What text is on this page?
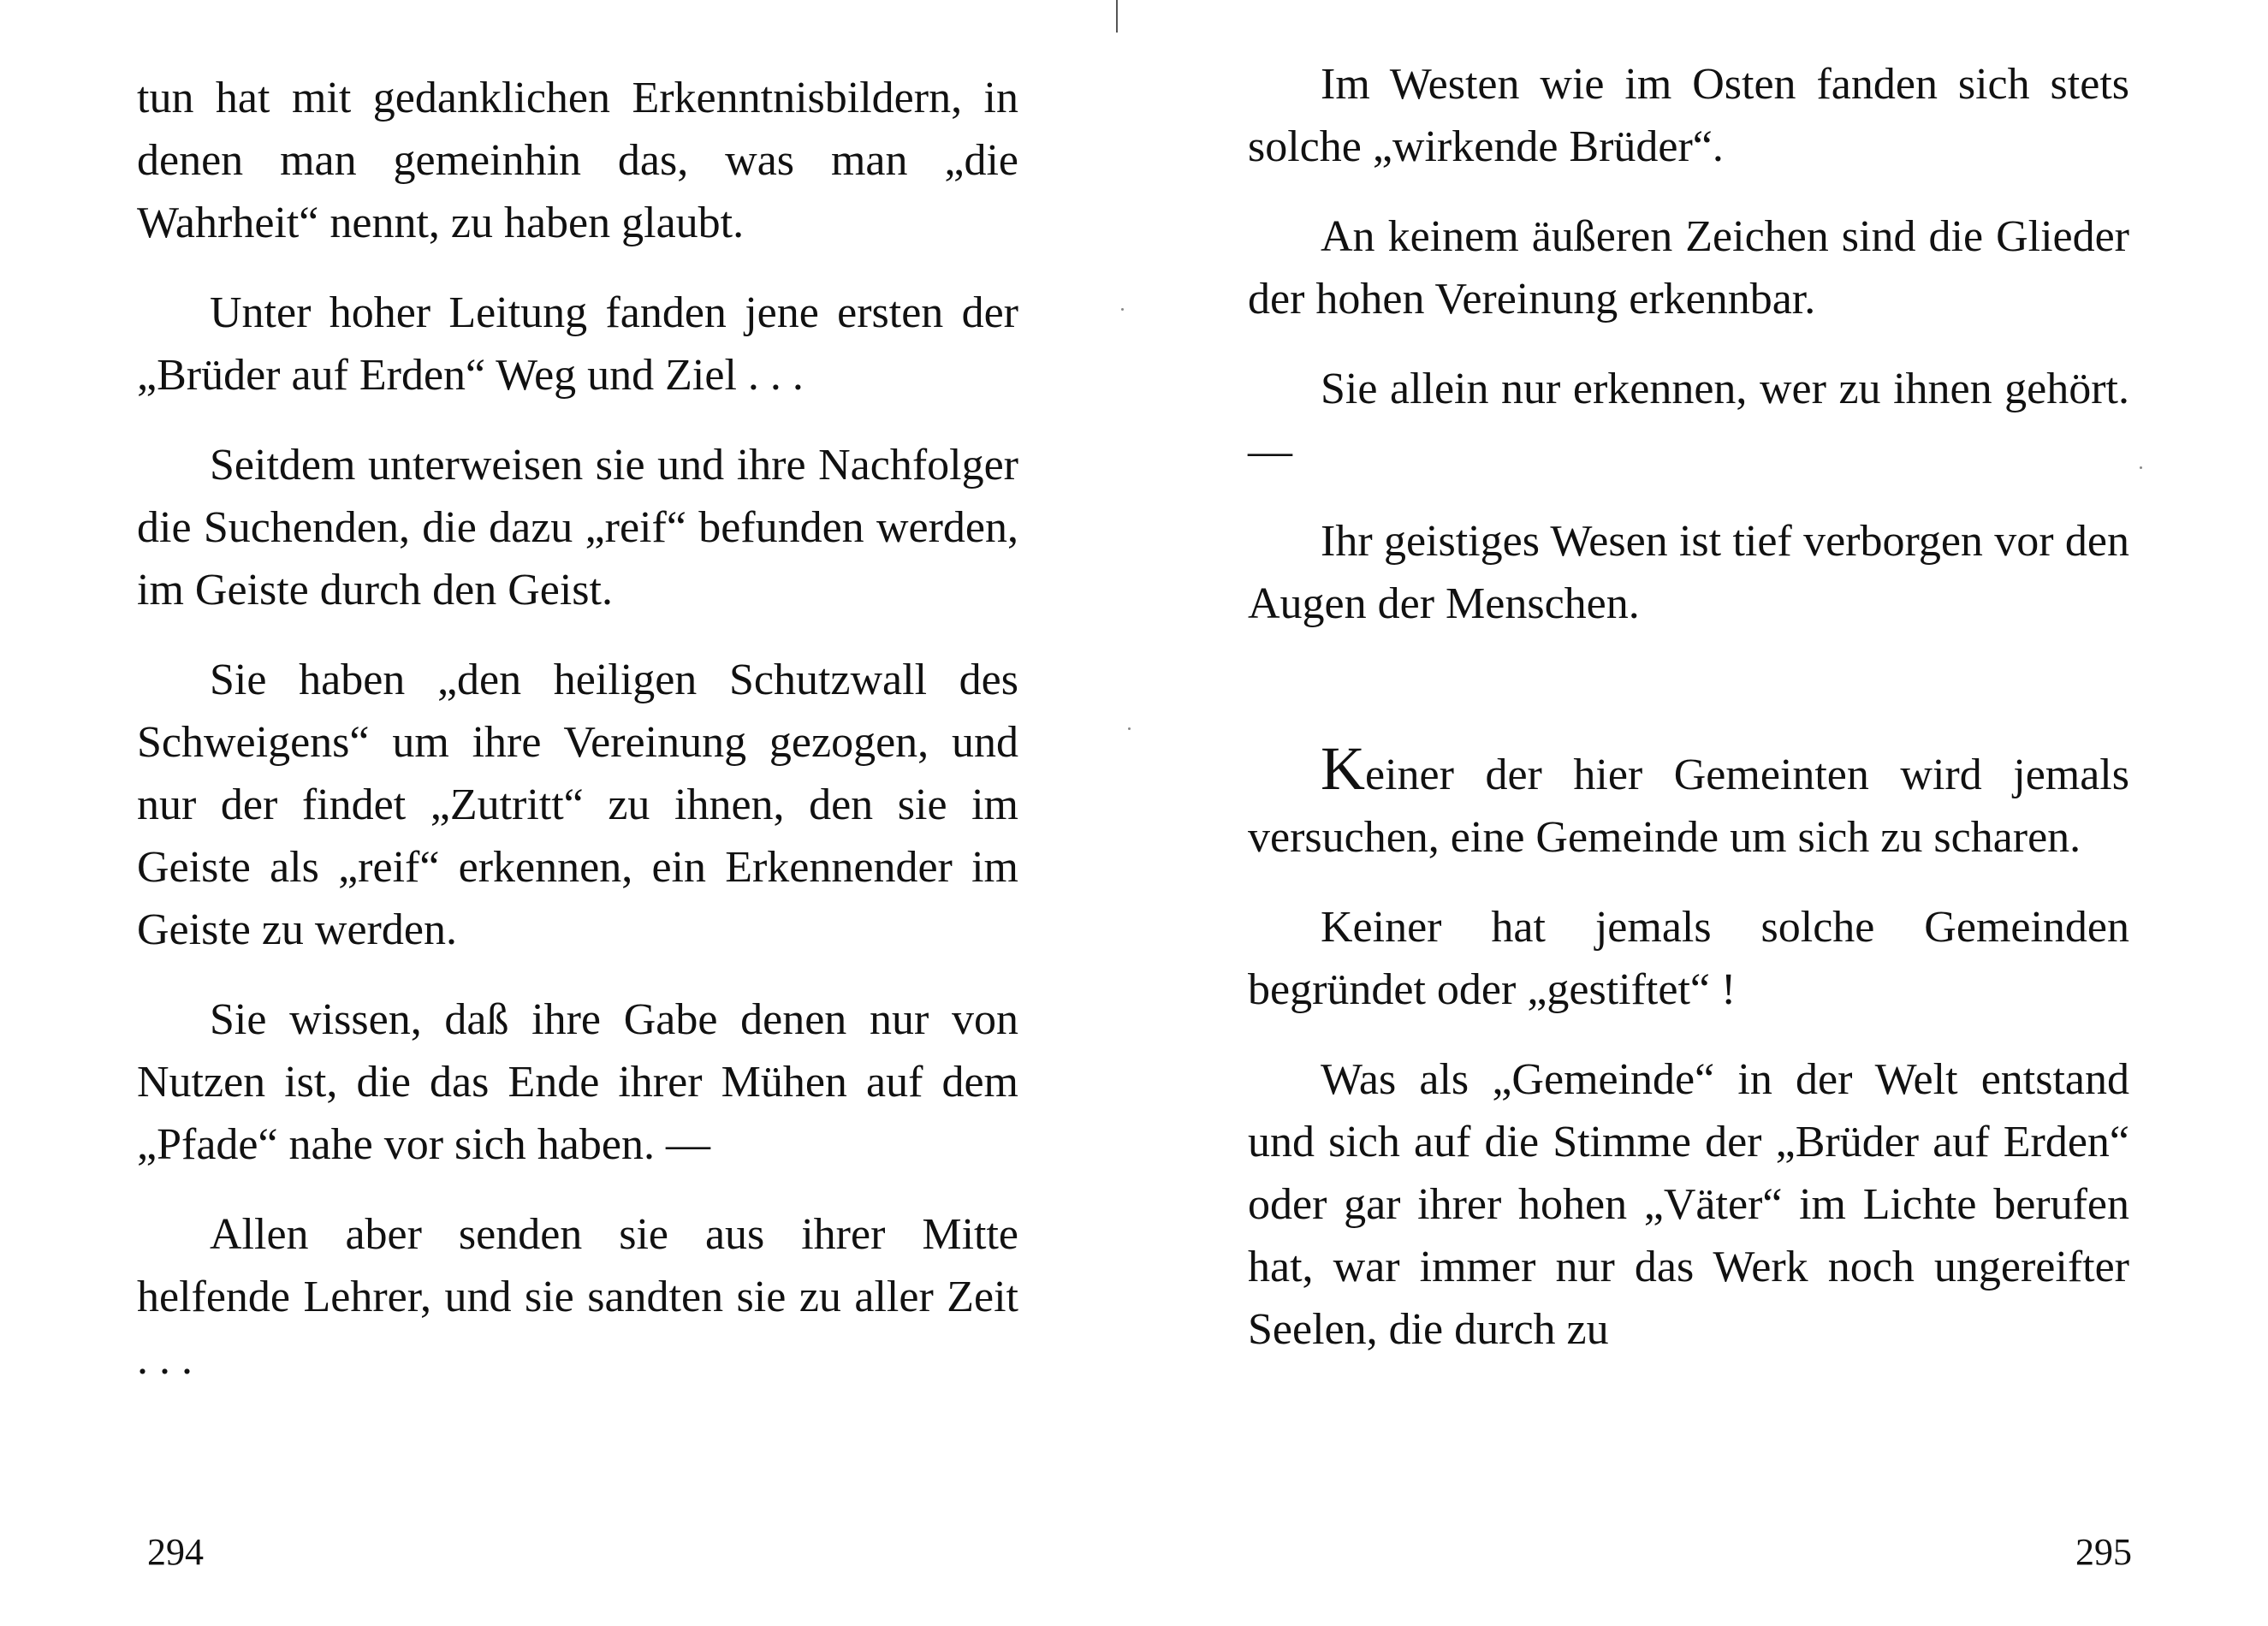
tun hat mit gedanklichen Erkenntnisbildern, in denen man gemeinhin das, was man „die Wahrheit“ nennt, zu haben glaubt.

Unter hoher Leitung fanden jene ersten der „Brüder auf Erden“ Weg und Ziel . . .

Seitdem unterweisen sie und ihre Nachfolger die Suchenden, die dazu „reif“ befunden werden, im Geiste durch den Geist.

Sie haben „den heiligen Schutzwall des Schweigens“ um ihre Vereinung gezogen, und nur der findet „Zutritt“ zu ihnen, den sie im Geiste als „reif“ erkennen, ein Erkennender im Geiste zu werden.

Sie wissen, daß ihre Gabe denen nur von Nutzen ist, die das Ende ihrer Mühen auf dem „Pfade“ nahe vor sich haben. —

Allen aber senden sie aus ihrer Mitte helfende Lehrer, und sie sandten sie zu aller Zeit . . .

294

Im Westen wie im Osten fanden sich stets solche „wirkende Brüder“.

An keinem äußeren Zeichen sind die Glieder der hohen Vereinung erkennbar.

Sie allein nur erkennen, wer zu ihnen gehört. —

Ihr geistiges Wesen ist tief verborgen vor den Augen der Menschen.

Keiner der hier Gemeinten wird jemals versuchen, eine Gemeinde um sich zu scharen.

Keiner hat jemals solche Gemeinden begründet oder „gestiftet“ !

Was als „Gemeinde“ in der Welt entstand und sich auf die Stimme der „Brüder auf Erden“ oder gar ihrer hohen „Väter“ im Lichte berufen hat, war immer nur das Werk noch ungereifter Seelen, die durch zu

295
